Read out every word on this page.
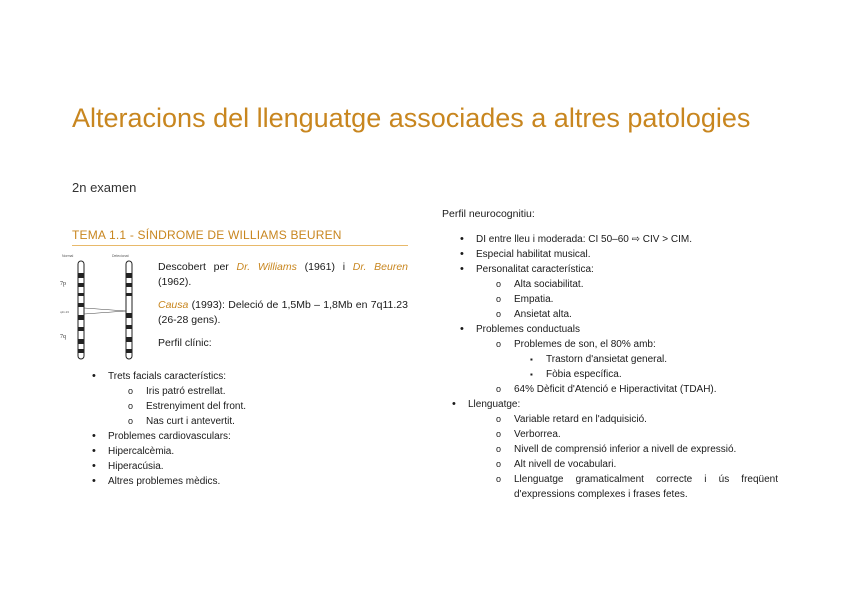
Alteracions del llenguatge associades a altres patologies
2n examen
TEMA 1.1 - SÍNDROME DE WILLIAMS BEUREN
Normal	Delecionat
7p
7q
q11.23

Descobert per Dr. Williams (1961) i Dr. Beuren (1962).

Causa (1993): Deleció de 1,5Mb – 1,8Mb en 7q11.23 (26-28 gens).

Perfil clínic:

• Trets facials característics:
o Iris patró estrellat.
o Estrenyiment del front.
o Nas curt i antevertit.
• Problemes cardiovasculars:
• Hipercalcèmia.
• Hiperacúsia.
• Altres problemes mèdics.
Perfil neurocognitiu:
• DI entre lleu i moderada: CI 50–60 ⇨ CIV > CIM.
• Especial habilitat musical.
• Personalitat característica:
o Alta sociabilitat.
o Empatia.
o Ansietat alta.
• Problemes conductuals
o Problemes de son, el 80% amb:
▪ Trastorn d'ansietat general.
▪ Fòbia específica.
o 64% Dèficit d'Atenció e Hiperactivitat (TDAH).
• Llenguatge:
o Variable retard en l'adquisició.
o Verborrea.
o Nivell de comprensió inferior a nivell de expressió.
o Alt nivell de vocabulari.
o Llenguatge gramaticalment correcte i ús freqüent d'expressions complexes i frases fetes.
